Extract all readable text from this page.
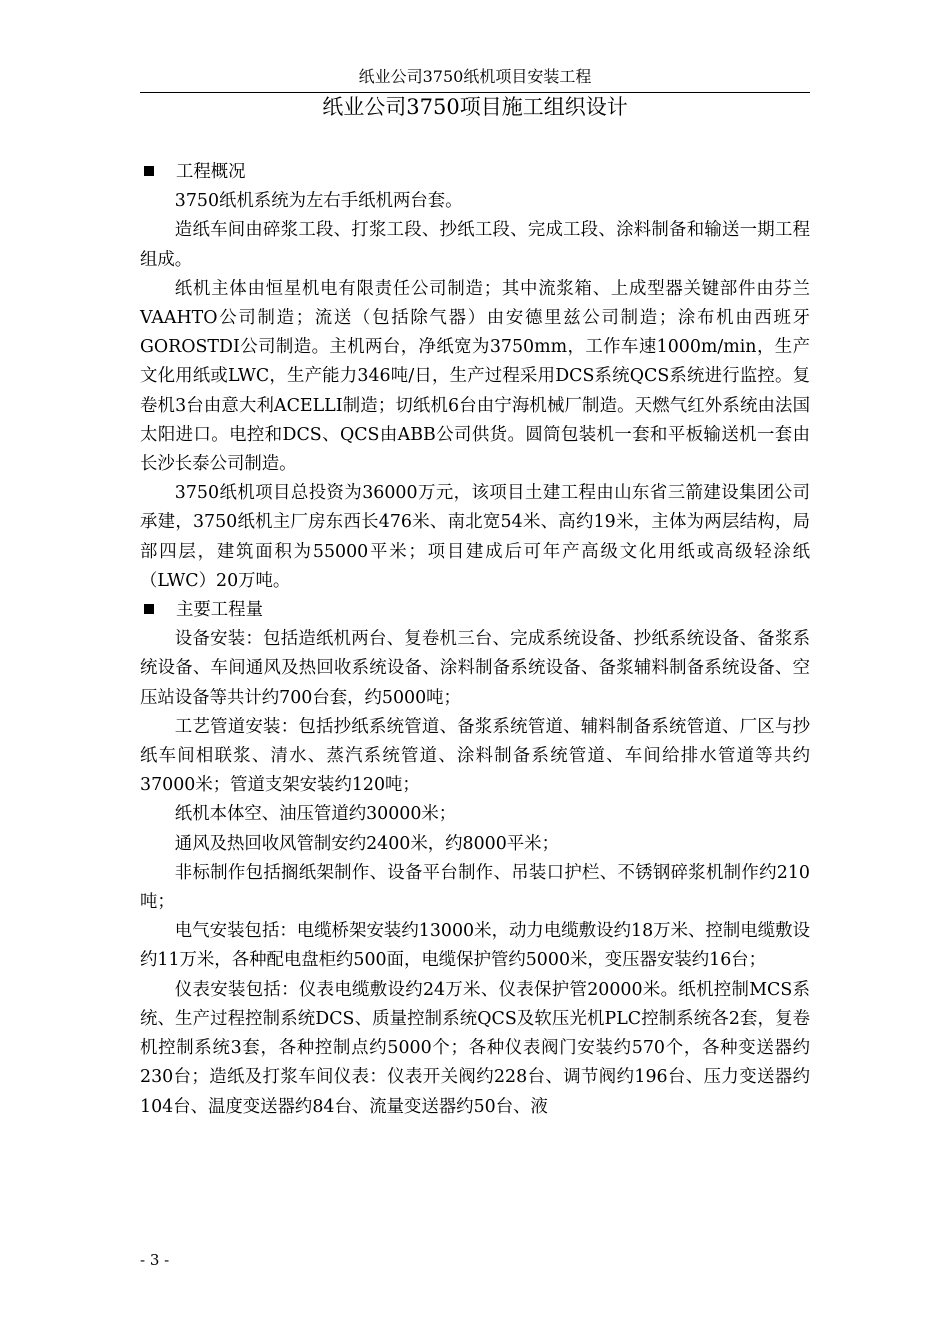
纸业公司3750纸机项目安装工程
纸业公司3750项目施工组织设计
工程概况

3750纸机系统为左右手纸机两台套。

造纸车间由碎浆工段、打浆工段、抄纸工段、完成工段、涂料制备和输送一期工程组成。

纸机主体由恒星机电有限责任公司制造；其中流浆箱、上成型器关键部件由芬兰VAAHTO公司制造；流送（包括除气器）由安德里兹公司制造；涂布机由西班牙GOROSTDI公司制造。主机两台，净纸宽为3750mm，工作车速1000m/min，生产文化用纸或LWC，生产能力346吨/日，生产过程采用DCS系统QCS系统进行监控。复卷机3台由意大利ACELLI制造；切纸机6台由宁海机械厂制造。天燃气红外系统由法国太阳进口。电控和DCS、QCS由ABB公司供货。圆筒包装机一套和平板输送机一套由长沙长泰公司制造。

3750纸机项目总投资为36000万元，该项目土建工程由山东省三箭建设集团公司承建，3750纸机主厂房东西长476米、南北宽54米、高约19米，主体为两层结构，局部四层，建筑面积为55000平米；项目建成后可年产高级文化用纸或高级轻涂纸（LWC）20万吨。

主要工程量

设备安装：包括造纸机两台、复卷机三台、完成系统设备、抄纸系统设备、备浆系统设备、车间通风及热回收系统设备、涂料制备系统设备、备浆辅料制备系统设备、空压站设备等共计约700台套，约5000吨；

工艺管道安装：包括抄纸系统管道、备浆系统管道、辅料制备系统管道、厂区与抄纸车间相联浆、清水、蒸汽系统管道、涂料制备系统管道、车间给排水管道等共约37000米；管道支架安装约120吨；

纸机本体空、油压管道约30000米；

通风及热回收风管制安约2400米，约8000平米；

非标制作包括搁纸架制作、设备平台制作、吊装口护栏、不锈钢碎浆机制作约210吨；

电气安装包括：电缆桥架安装约13000米，动力电缆敷设约18万米、控制电缆敷设约11万米，各种配电盘柜约500面，电缆保护管约5000米，变压器安装约16台；

仪表安装包括：仪表电缆敷设约24万米、仪表保护管20000米。纸机控制MCS系统、生产过程控制系统DCS、质量控制系统QCS及软压光机PLC控制系统各2套，复卷机控制系统3套，各种控制点约5000个；各种仪表阀门安装约570个，各种变送器约230台；造纸及打浆车间仪表：仪表开关阀约228台、调节阀约196台、压力变送器约104台、温度变送器约84台、流量变送器约50台、液

- 3 -
